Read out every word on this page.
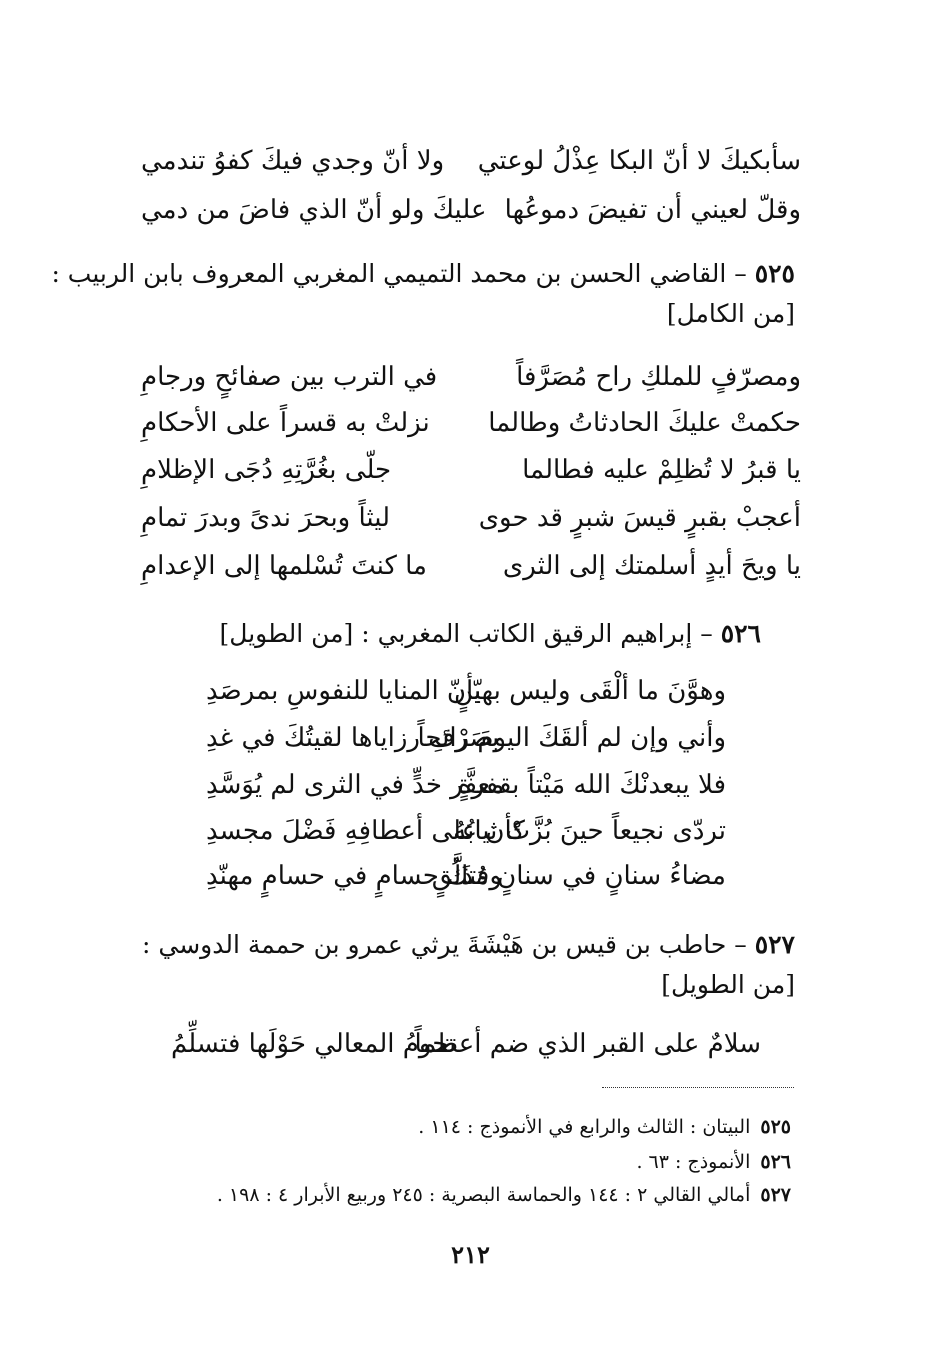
سأبكيكَ لا أنّ البكا عِذْلُ لوعتي
ولا أنّ وجدي فيكَ كفوُ تندمي
وقلّ لعيني أن تفيضَ دموعُها
عليكَ ولو أنّ الذي فاضَ من دمي
٥٢٥ – القاضي الحسن بن محمد التميمي المغربي المعروف بابن الربيب :
[من الكامل]
ومصرّفٍ للملكِ راح مُصَرَّفاً
في الترب بين صفائحٍ ورجامِ
حكمتْ عليكَ الحادثاتُ وطالما
نزلتْ به قسراً على الأحكامِ
يا قبرُ لا تُظلِمْ عليه فطالما
جلّى بغُرَّتِهِ دُجَى الإظلامِ
أعجبْ بقبرٍ قيسَ شبرٍ قد حوى
ليثاً وبحرَ ندىً وبدرَ تمامِ
يا ويحَ أيدٍ أسلمتك إلى الثرى
ما كنتَ تُسْلمها إلى الإعدامِ
٥٢٦ – إبراهيم الرقيق الكاتب المغربي : [من الطويل]
وهوَّنَ ما ألْقَى وليس بهيّنٍ
بأنّ المنايا للنفوسِ بمرصَدِ
وأني وإن لم ألقَكَ اليومَ رائحاً
بصَرْفِ رزاياها لقيتُكَ في غدِ
فلا يبعدنْكَ الله مَيْتاً بقفرةٍ
معفَّر خدٍّ في الثرى لم يُوَسَّدِ
تردّى نجيعاً حينَ بُزَّتْ ثيابُهُ
كأن على أعطافِهِ فَضْلَ مجسدِ
مضاءُ سنانٍ في سنانٍ مُذَلَّقٍ
وفتكُ حسامٍ في حسامٍ مهنّدِ
٥٢٧ – حاطب بن قيس بن هَيْشَةَ يرثي عمرو بن حممة الدوسي :
[من الطويل]
سلامٌ على القبر الذي ضم أعظماً
تحومُ المعالي حَوْلَها فتسلِّمُ
٥٢٥البيتان : الثالث والرابع في الأنموذج : ١١٤ .
٥٢٦الأنموذج : ٦٣ .
٥٢٧أمالي القالي ٢ : ١٤٤ والحماسة البصرية : ٢٤٥ وربيع الأبرار ٤ : ١٩٨ .
٢١٢
